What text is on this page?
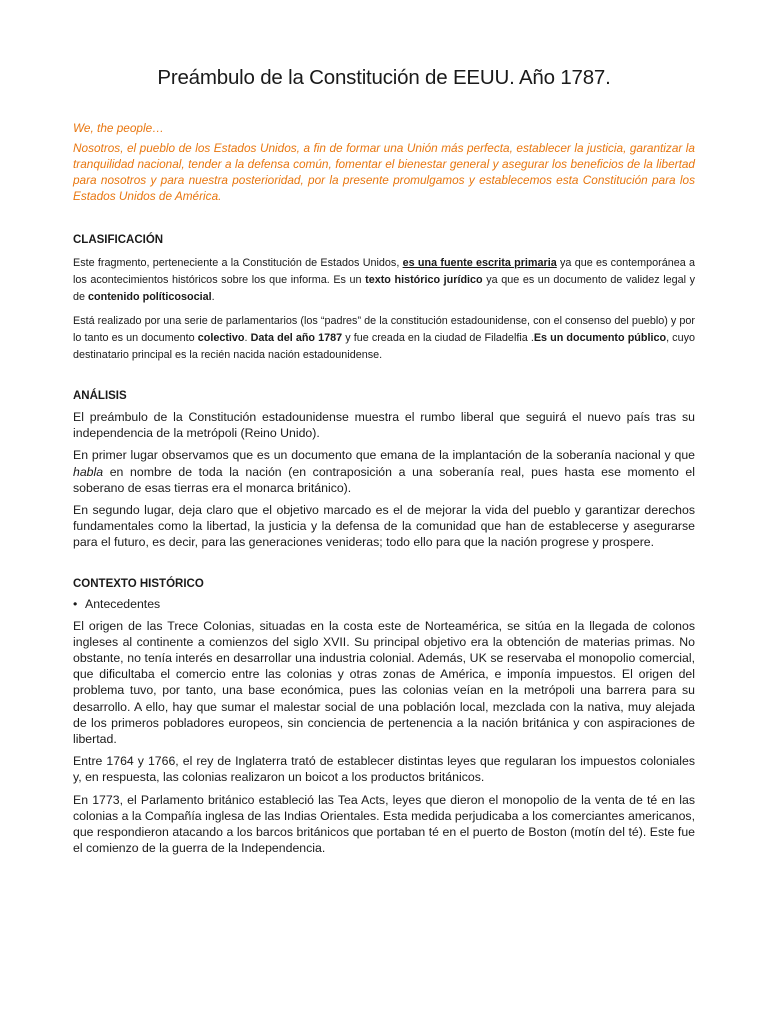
Preámbulo de la Constitución de EEUU. Año 1787.

We, the people…

Nosotros, el pueblo de los Estados Unidos, a fin de formar una Unión más perfecta, establecer la justicia, garantizar la tranquilidad nacional, tender a la defensa común, fomentar el bienestar general y asegurar los beneficios de la libertad para nosotros y para nuestra posterioridad, por la presente promulgamos y establecemos esta Constitución para los Estados Unidos de América.

CLASIFICACIÓN

Este fragmento, perteneciente a la Constitución de Estados Unidos, es una fuente escrita primaria ya que es contemporánea a los acontecimientos históricos sobre los que informa. Es un texto histórico jurídico ya que es un documento de validez legal y de contenido políticosocial.

Está realizado por una serie de parlamentarios (los “padres” de la constitución estadounidense, con el consenso del pueblo) y por lo tanto es un documento colectivo. Data del año 1787 y fue creada en la ciudad de Filadelfia .Es un documento público, cuyo destinatario principal es la recién nacida nación estadounidense.

ANÁLISIS

El preámbulo de la Constitución estadounidense muestra el rumbo liberal que seguirá el nuevo país tras su independencia de la metrópoli (Reino Unido).

En primer lugar observamos que es un documento que emana de la implantación de la soberanía nacional y que habla en nombre de toda la nación (en contraposición a una soberanía real, pues hasta ese momento el soberano de esas tierras era el monarca británico).

En segundo lugar, deja claro que el objetivo marcado es el de mejorar la vida del pueblo y garantizar derechos fundamentales como la libertad, la justicia y la defensa de la comunidad que han de establecerse y asegurarse para el futuro, es decir, para las generaciones venideras; todo ello para que la nación progrese y prospere.

CONTEXTO HISTÓRICO

• Antecedentes

El origen de las Trece Colonias, situadas en la costa este de Norteamérica, se sitúa en la llegada de colonos ingleses al continente a comienzos del siglo XVII. Su principal objetivo era la obtención de materias primas. No obstante, no tenía interés en desarrollar una industria colonial. Además, UK se reservaba el monopolio comercial, que dificultaba el comercio entre las colonias y otras zonas de América, e imponía impuestos. El origen del problema tuvo, por tanto, una base económica, pues las colonias veían en la metrópoli una barrera para su desarrollo. A ello, hay que sumar el malestar social de una población local, mezclada con la nativa, muy alejada de los primeros pobladores europeos, sin conciencia de pertenencia a la nación británica y con aspiraciones de libertad.

Entre 1764 y 1766, el rey de Inglaterra trató de establecer distintas leyes que regularan los impuestos coloniales y, en respuesta, las colonias realizaron un boicot a los productos británicos.

En 1773, el Parlamento británico estableció las Tea Acts, leyes que dieron el monopolio de la venta de té en las colonias a la Compañía inglesa de las Indias Orientales. Esta medida perjudicaba a los comerciantes americanos, que respondieron atacando a los barcos británicos que portaban té en el puerto de Boston (motín del té). Este fue el comienzo de la guerra de la Independencia.
